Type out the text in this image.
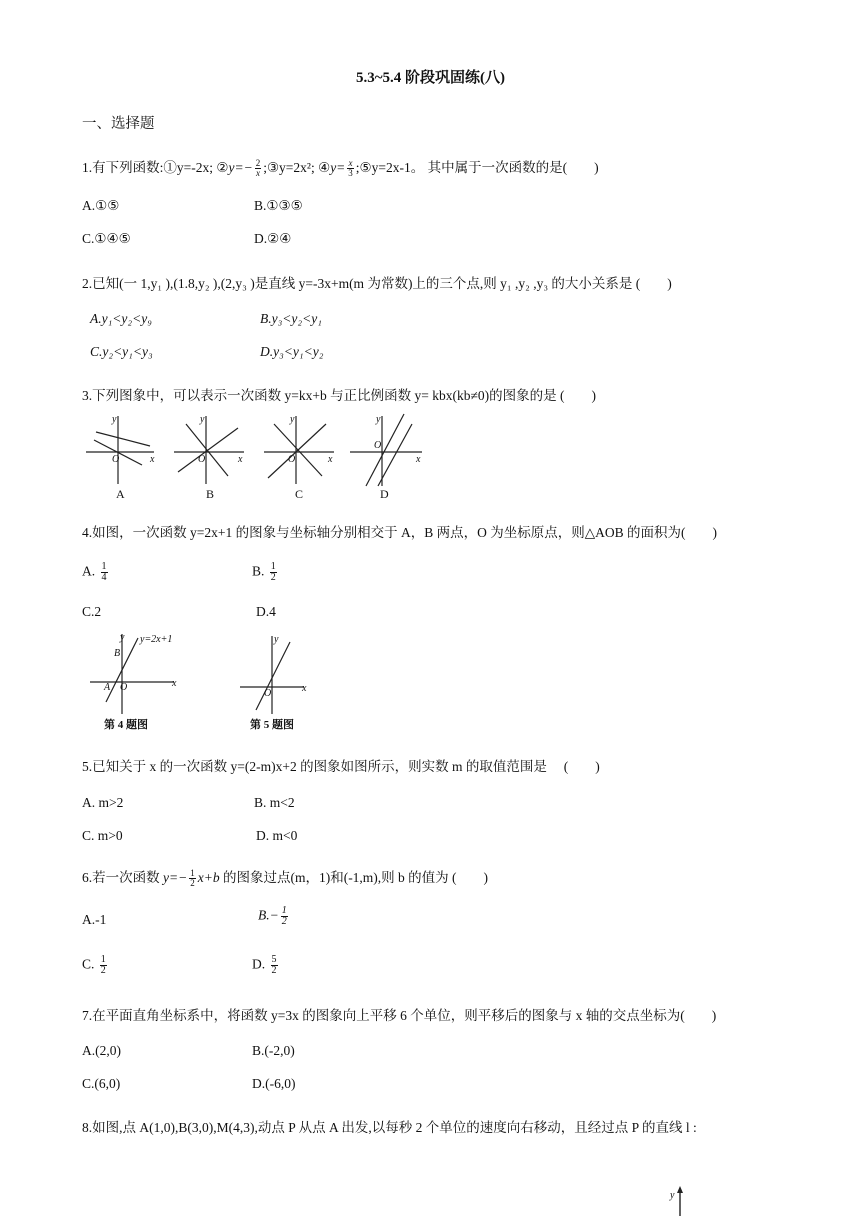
5.3~5.4 阶段巩固练(八)
一、选择题
1.有下列函数:①y=-2x; ②y=− $\frac{2}{x}$ ;③y=2x²; ④y= $\frac{x}{3}$ ;⑤y=2x-1。 其中属于一次函数的是(　　)
A.①⑤	B.①③⑤
C.①④⑤	D.②④
2.已知(一 1,y₁ ),(1.8,y₂ ),(2,y₃ )是直线 y=-3x+m(m 为常数)上的三个点,则 y₁ ,y₂ ,y₃ 的大小关系是 (　　)
A.y₁<y₂<y₉	B.y₃<y₂<y₁
C.y₂<y₁<y₃	D.y₃<y₁<y₂
3.下列图象中，可以表示一次函数 y=kx+b 与正比例函数 y= kbx(kb≠0)的图象的是 (　　)
y
x
O
y
x
O
y
x
O
y
x
O
A	B	C	D
4.如图，一次函数 y=2x+1 的图象与坐标轴分别相交于 A，B 两点，O 为坐标原点，则△AOB 的面积为(　　)
A. $\frac{1}{4}$	B. $\frac{1}{2}$
C.2	D.4
y y=2x+1
B
A O	x
y
O	x
第 4 题图	第 5 题图
5.已知关于 x 的一次函数 y=(2-m)x+2 的图象如图所示，则实数 m 的取值范围是　 (　　)
A. m>2	B. m<2
C. m>0	D. m<0
6.若一次函数 $y=- \frac{1}{2} x+b$ 的图象过点(m，1)和(-1,m),则 b 的值为 (　　)
A.-1	$B.- \frac{1}{2}$
C. $\frac{1}{2}$	D. $\frac{5}{2}$
7.在平面直角坐标系中，将函数 y=3x 的图象向上平移 6 个单位，则平移后的图象与 x 轴的交点坐标为(　　)
A.(2,0)	B.(-2,0)
C.(6,0)	D.(-6,0)
8.如图,点 A(1,0),B(3,0),M(4,3),动点 P 从点 A 出发,以每秒 2 个单位的速度向右移动，且经过点 P 的直线 l :
y
